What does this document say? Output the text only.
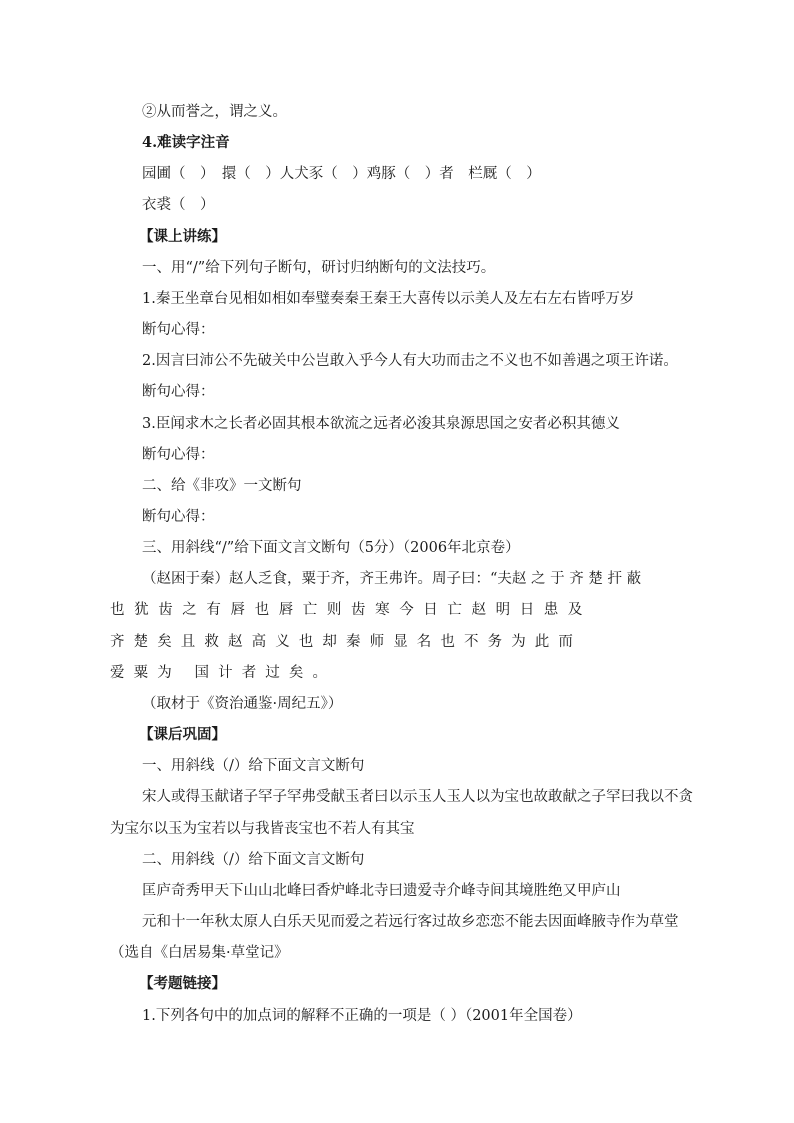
②从而誉之，谓之义。
4.难读字注音
园圃（　）　擐（　）人犬豕（　）鸡豚（　）者　栏厩（　）
衣裘（　）
【课上讲练】
一、用“/”给下列句子断句，研讨归纳断句的文法技巧。
1.秦王坐章台见相如相如奉璧奏秦王秦王大喜传以示美人及左右左右皆呼万岁
断句心得：
2.因言曰沛公不先破关中公岂敢入乎今人有大功而击之不义也不如善遇之项王许诺。
断句心得：
3.臣闻求木之长者必固其根本欲流之远者必浚其泉源思国之安者必积其德义
断句心得：
二、给《非攻》一文断句
断句心得：
三、用斜线“/”给下面文言文断句（5分）（2006年北京卷）
（赵困于秦）赵人乏食，粟于齐，齐王弗许。周子曰：“夫赵 之 于 齐 楚 扞 蔽
也犹齿之有唇也唇亡则齿寒今日亡赵明日患及
齐楚矣且救赵高义也却秦师显名也不务为此而
爱粟为 国计者过矣。
（取材于《资治通鉴·周纪五》）
【课后巩固】
一、用斜线（/）给下面文言文断句
宋人或得玉献诸子罕子罕弗受献玉者曰以示玉人玉人以为宝也故敢献之子罕曰我以不贪
为宝尔以玉为宝若以与我皆丧宝也不若人有其宝
二、用斜线（/）给下面文言文断句
匡庐奇秀甲天下山山北峰曰香炉峰北寺曰遗爱寺介峰寺间其境胜绝又甲庐山
元和十一年秋太原人白乐天见而爱之若远行客过故乡恋恋不能去因面峰腋寺作为草堂
（选自《白居易集·草堂记》
【考题链接】
1.下列各句中的加点词的解释不正确的一项是（ ）（2001年全国卷）
